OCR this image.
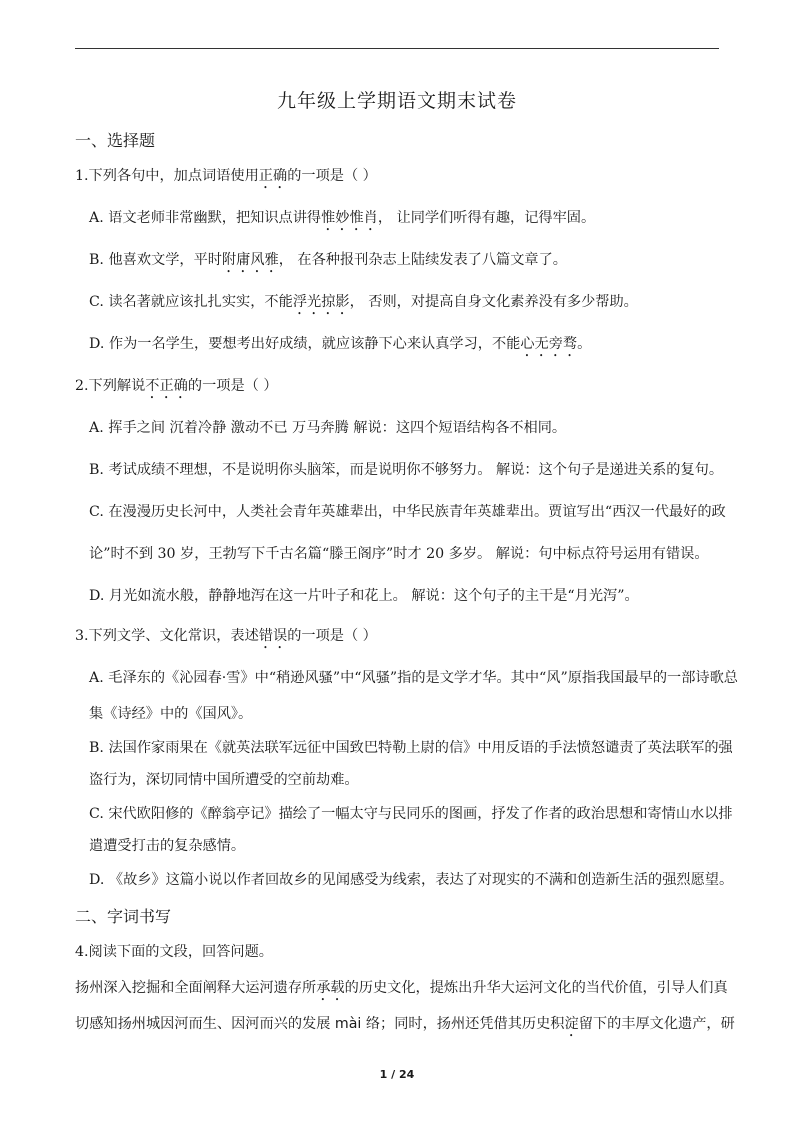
九年级上学期语文期末试卷
一、选择题
1.下列各句中，加点词语使用正确的一项是（ ）
A. 语文老师非常幽默，把知识点讲得惟妙惟肖， 让同学们听得有趣，记得牢固。
B. 他喜欢文学，平时附庸风雅， 在各种报刊杂志上陆续发表了八篇文章了。
C. 读名著就应该扎扎实实，不能浮光掠影， 否则，对提高自身文化素养没有多少帮助。
D. 作为一名学生，要想考出好成绩，就应该静下心来认真学习，不能心无旁骛。
2.下列解说不正确的一项是（ ）
A. 挥手之间 沉着冷静 激动不已 万马奔腾 解说：这四个短语结构各不相同。
B. 考试成绩不理想，不是说明你头脑笨，而是说明你不够努力。 解说：这个句子是递进关系的复句。
C. 在漫漫历史长河中，人类社会青年英雄辈出，中华民族青年英雄辈出。贾谊写出“西汉一代最好的政
论”时不到 30 岁，王勃写下千古名篇“滕王阁序”时才 20 多岁。 解说：句中标点符号运用有错误。
D. 月光如流水般，静静地泻在这一片叶子和花上。 解说：这个句子的主干是“月光泻”。
3.下列文学、文化常识，表述错误的一项是（ ）
A. 毛泽东的《沁园春·雪》中“稍逊风骚”中“风骚”指的是文学才华。其中“风”原指我国最早的一部诗歌总
集《诗经》中的《国风》。
B. 法国作家雨果在《就英法联军远征中国致巴特勒上尉的信》中用反语的手法愤怒谴责了英法联军的强
盗行为，深切同情中国所遭受的空前劫难。
C. 宋代欧阳修的《醉翁亭记》描绘了一幅太守与民同乐的图画，抒发了作者的政治思想和寄情山水以排
遣遭受打击的复杂感情。
D. 《故乡》这篇小说以作者回故乡的见闻感受为线索，表达了对现实的不满和创造新生活的强烈愿望。
二、字词书写
4.阅读下面的文段，回答问题。
扬州深入挖掘和全面阐释大运河遗存所承载的历史文化，提炼出升华大运河文化的当代价值，引导人们真
切感知扬州城因河而生、因河而兴的发展 mài 络；同时，扬州还凭借其历史积淀留下的丰厚文化遗产，研
1 / 24
